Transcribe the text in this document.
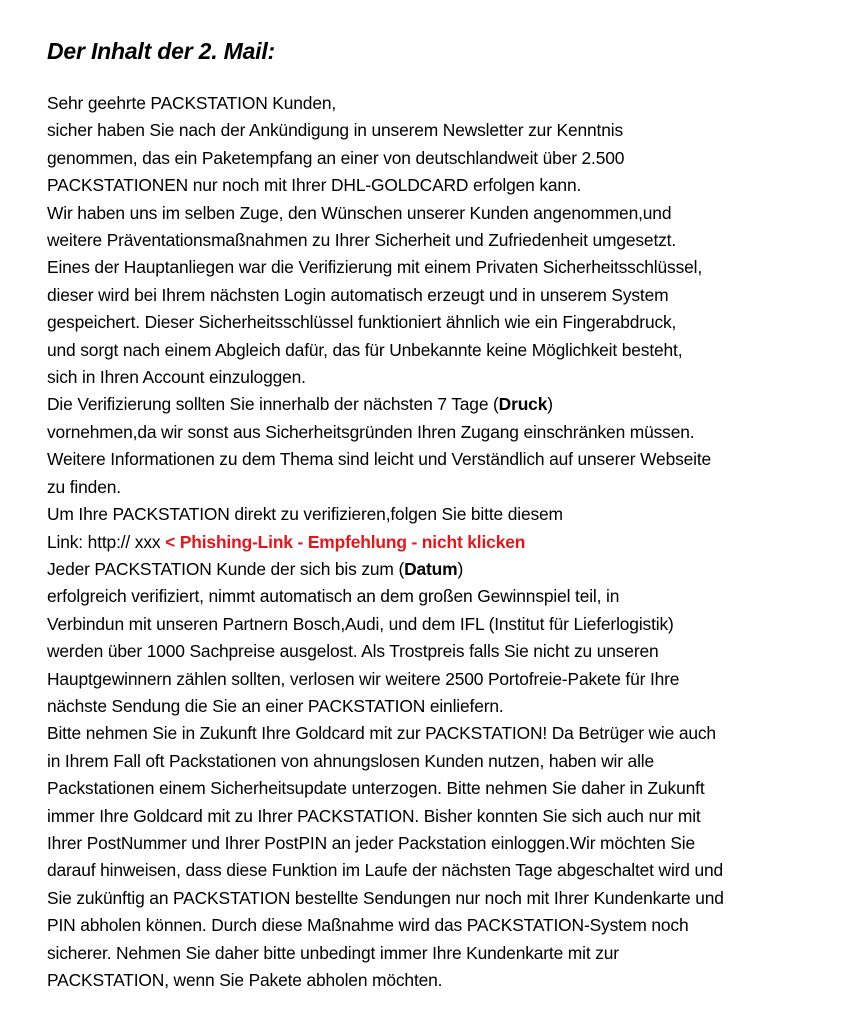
Der Inhalt der 2. Mail:
Sehr geehrte PACKSTATION Kunden,
sicher haben Sie nach der Ankündigung in unserem Newsletter zur Kenntnis
genommen, das ein Paketempfang an einer von deutschlandweit über 2.500
PACKSTATIONEN nur noch mit Ihrer DHL-GOLDCARD erfolgen kann.
Wir haben uns im selben Zuge, den Wünschen unserer Kunden angenommen,und
weitere Präventationsmaßnahmen zu Ihrer Sicherheit und Zufriedenheit umgesetzt.
Eines der Hauptanliegen war die Verifizierung mit einem Privaten Sicherheitsschlüssel,
dieser wird bei Ihrem nächsten Login automatisch erzeugt und in unserem System
gespeichert. Dieser Sicherheitsschlüssel funktioniert ähnlich wie ein Fingerabdruck,
und sorgt nach einem Abgleich dafür, das für Unbekannte keine Möglichkeit besteht,
sich in Ihren Account einzuloggen.
Die Verifizierung sollten Sie innerhalb der nächsten 7 Tage (Druck)
vornehmen,da wir sonst aus Sicherheitsgründen Ihren Zugang einschränken müssen.
Weitere Informationen zu dem Thema sind leicht und Verständlich auf unserer Webseite
zu finden.
Um Ihre PACKSTATION direkt zu verifizieren,folgen Sie bitte diesem
Link: http:// xxx < Phishing-Link - Empfehlung - nicht klicken
Jeder PACKSTATION Kunde der sich bis zum (Datum)
erfolgreich verifiziert, nimmt automatisch an dem großen Gewinnspiel teil, in
Verbindun mit unseren Partnern Bosch,Audi, und dem IFL (Institut für Lieferlogistik)
werden über 1000 Sachpreise ausgelost. Als Trostpreis falls Sie nicht zu unseren
Hauptgewinnern zählen sollten, verlosen wir weitere 2500 Portofreie-Pakete für Ihre
nächste Sendung die Sie an einer PACKSTATION einliefern.
Bitte nehmen Sie in Zukunft Ihre Goldcard mit zur PACKSTATION! Da Betrüger wie auch
in Ihrem Fall oft Packstationen von ahnungslosen Kunden nutzen, haben wir alle
Packstationen einem Sicherheitsupdate unterzogen. Bitte nehmen Sie daher in Zukunft
immer Ihre Goldcard mit zu Ihrer PACKSTATION. Bisher konnten Sie sich auch nur mit
Ihrer PostNummer und Ihrer PostPIN an jeder Packstation einloggen.Wir möchten Sie
darauf hinweisen, dass diese Funktion im Laufe der nächsten Tage abgeschaltet wird und
Sie zukünftig an PACKSTATION bestellte Sendungen nur noch mit Ihrer Kundenkarte und
PIN abholen können. Durch diese Maßnahme wird das PACKSTATION-System noch
sicherer. Nehmen Sie daher bitte unbedingt immer Ihre Kundenkarte mit zur
PACKSTATION, wenn Sie Pakete abholen möchten.
